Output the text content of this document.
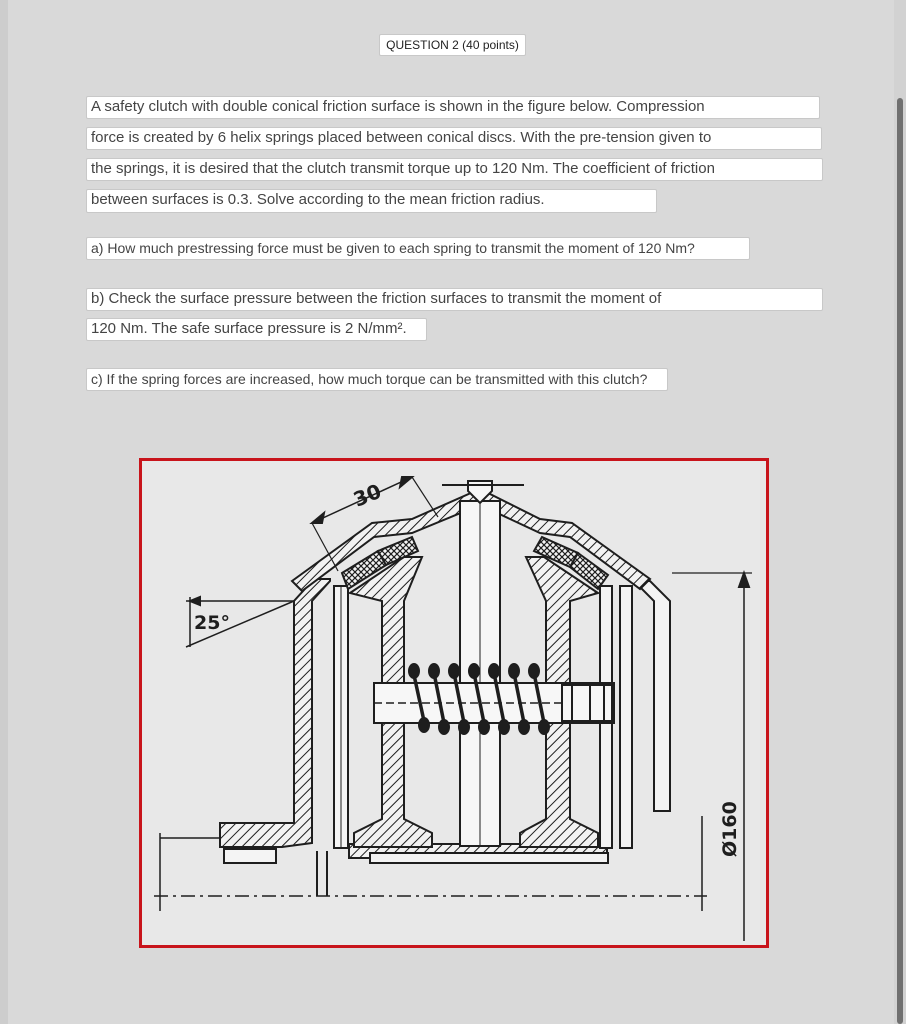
QUESTION 2 (40 points)
A safety clutch with double conical friction surface is shown in the figure below. Compression
force is created by 6 helix springs placed between conical discs. With the pre-tension given to
the springs, it is desired that the clutch transmit torque up to 120 Nm. The coefficient of friction
between surfaces is 0.3. Solve according to the mean friction radius.
a) How much prestressing force must be given to each spring to transmit the moment of 120 Nm?
b) Check the surface pressure between the friction surfaces to transmit the moment of
120 Nm. The safe surface pressure is 2 N/mm².
c) If the spring forces are increased, how much torque can be transmitted with this clutch?
30
25°
Ø160
